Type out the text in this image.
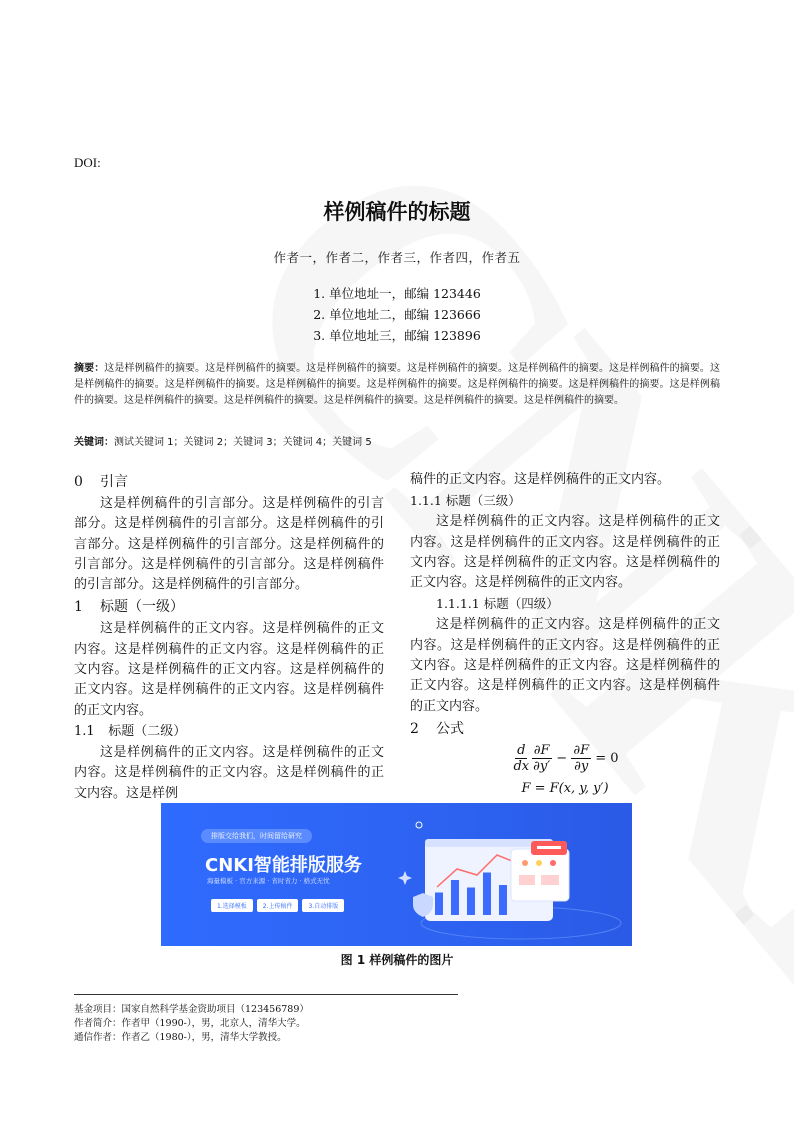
DOI:
样例稿件的标题
作者一，作者二，作者三，作者四，作者五
1. 单位地址一，邮编 123446
2. 单位地址二，邮编 123666
3. 单位地址三，邮编 123896
摘要：这是样例稿件的摘要。这是样例稿件的摘要。这是样例稿件的摘要。这是样例稿件的摘要。这是样例稿件的摘要。这是样例稿件的摘要。这是样例稿件的摘要。这是样例稿件的摘要。这是样例稿件的摘要。这是样例稿件的摘要。这是样例稿件的摘要。这是样例稿件的摘要。这是样例稿件的摘要。这是样例稿件的摘要。这是样例稿件的摘要。这是样例稿件的摘要。这是样例稿件的摘要。这是样例稿件的摘要。
关键词：测试关键词 1；关键词 2；关键词 3；关键词 4；关键词 5
0 引言

这是样例稿件的引言部分。这是样例稿件的引言部分。这是样例稿件的引言部分。这是样例稿件的引言部分。这是样例稿件的引言部分。这是样例稿件的引言部分。这是样例稿件的引言部分。这是样例稿件的引言部分。这是样例稿件的引言部分。

1 标题（一级）

这是样例稿件的正文内容。这是样例稿件的正文内容。这是样例稿件的正文内容。这是样例稿件的正文内容。这是样例稿件的正文内容。这是样例稿件的正文内容。这是样例稿件的正文内容。这是样例稿件的正文内容。

1.1 标题（二级）

这是样例稿件的正文内容。这是样例稿件的正文内容。这是样例稿件的正文内容。这是样例稿件的正文内容。这是样例

稿件的正文内容。这是样例稿件的正文内容。

1.1.1 标题（三级）

这是样例稿件的正文内容。这是样例稿件的正文内容。这是样例稿件的正文内容。这是样例稿件的正文内容。这是样例稿件的正文内容。这是样例稿件的正文内容。这是样例稿件的正文内容。

1.1.1.1 标题（四级）

这是样例稿件的正文内容。这是样例稿件的正文内容。这是样例稿件的正文内容。这是样例稿件的正文内容。这是样例稿件的正文内容。这是样例稿件的正文内容。这是样例稿件的正文内容。这是样例稿件的正文内容。

2 公式
$\frac{d}{dx} \frac{\partial F}{\partial y'} - \frac{\partial F}{\partial y} = 0$
F = F(x, y, y′)
排版交给我们，时间留给研究
CNKI智能排版服务
海量模板 · 官方来源 · 省时省力 · 格式无忧
1.选择模板	2.上传稿件	3.自动排版
图 1 样例稿件的图片
基金项目：国家自然科学基金资助项目（123456789）
作者简介：作者甲（1990-），男，北京人，清华大学。
通信作者：作者乙（1980-），男，清华大学教授。
